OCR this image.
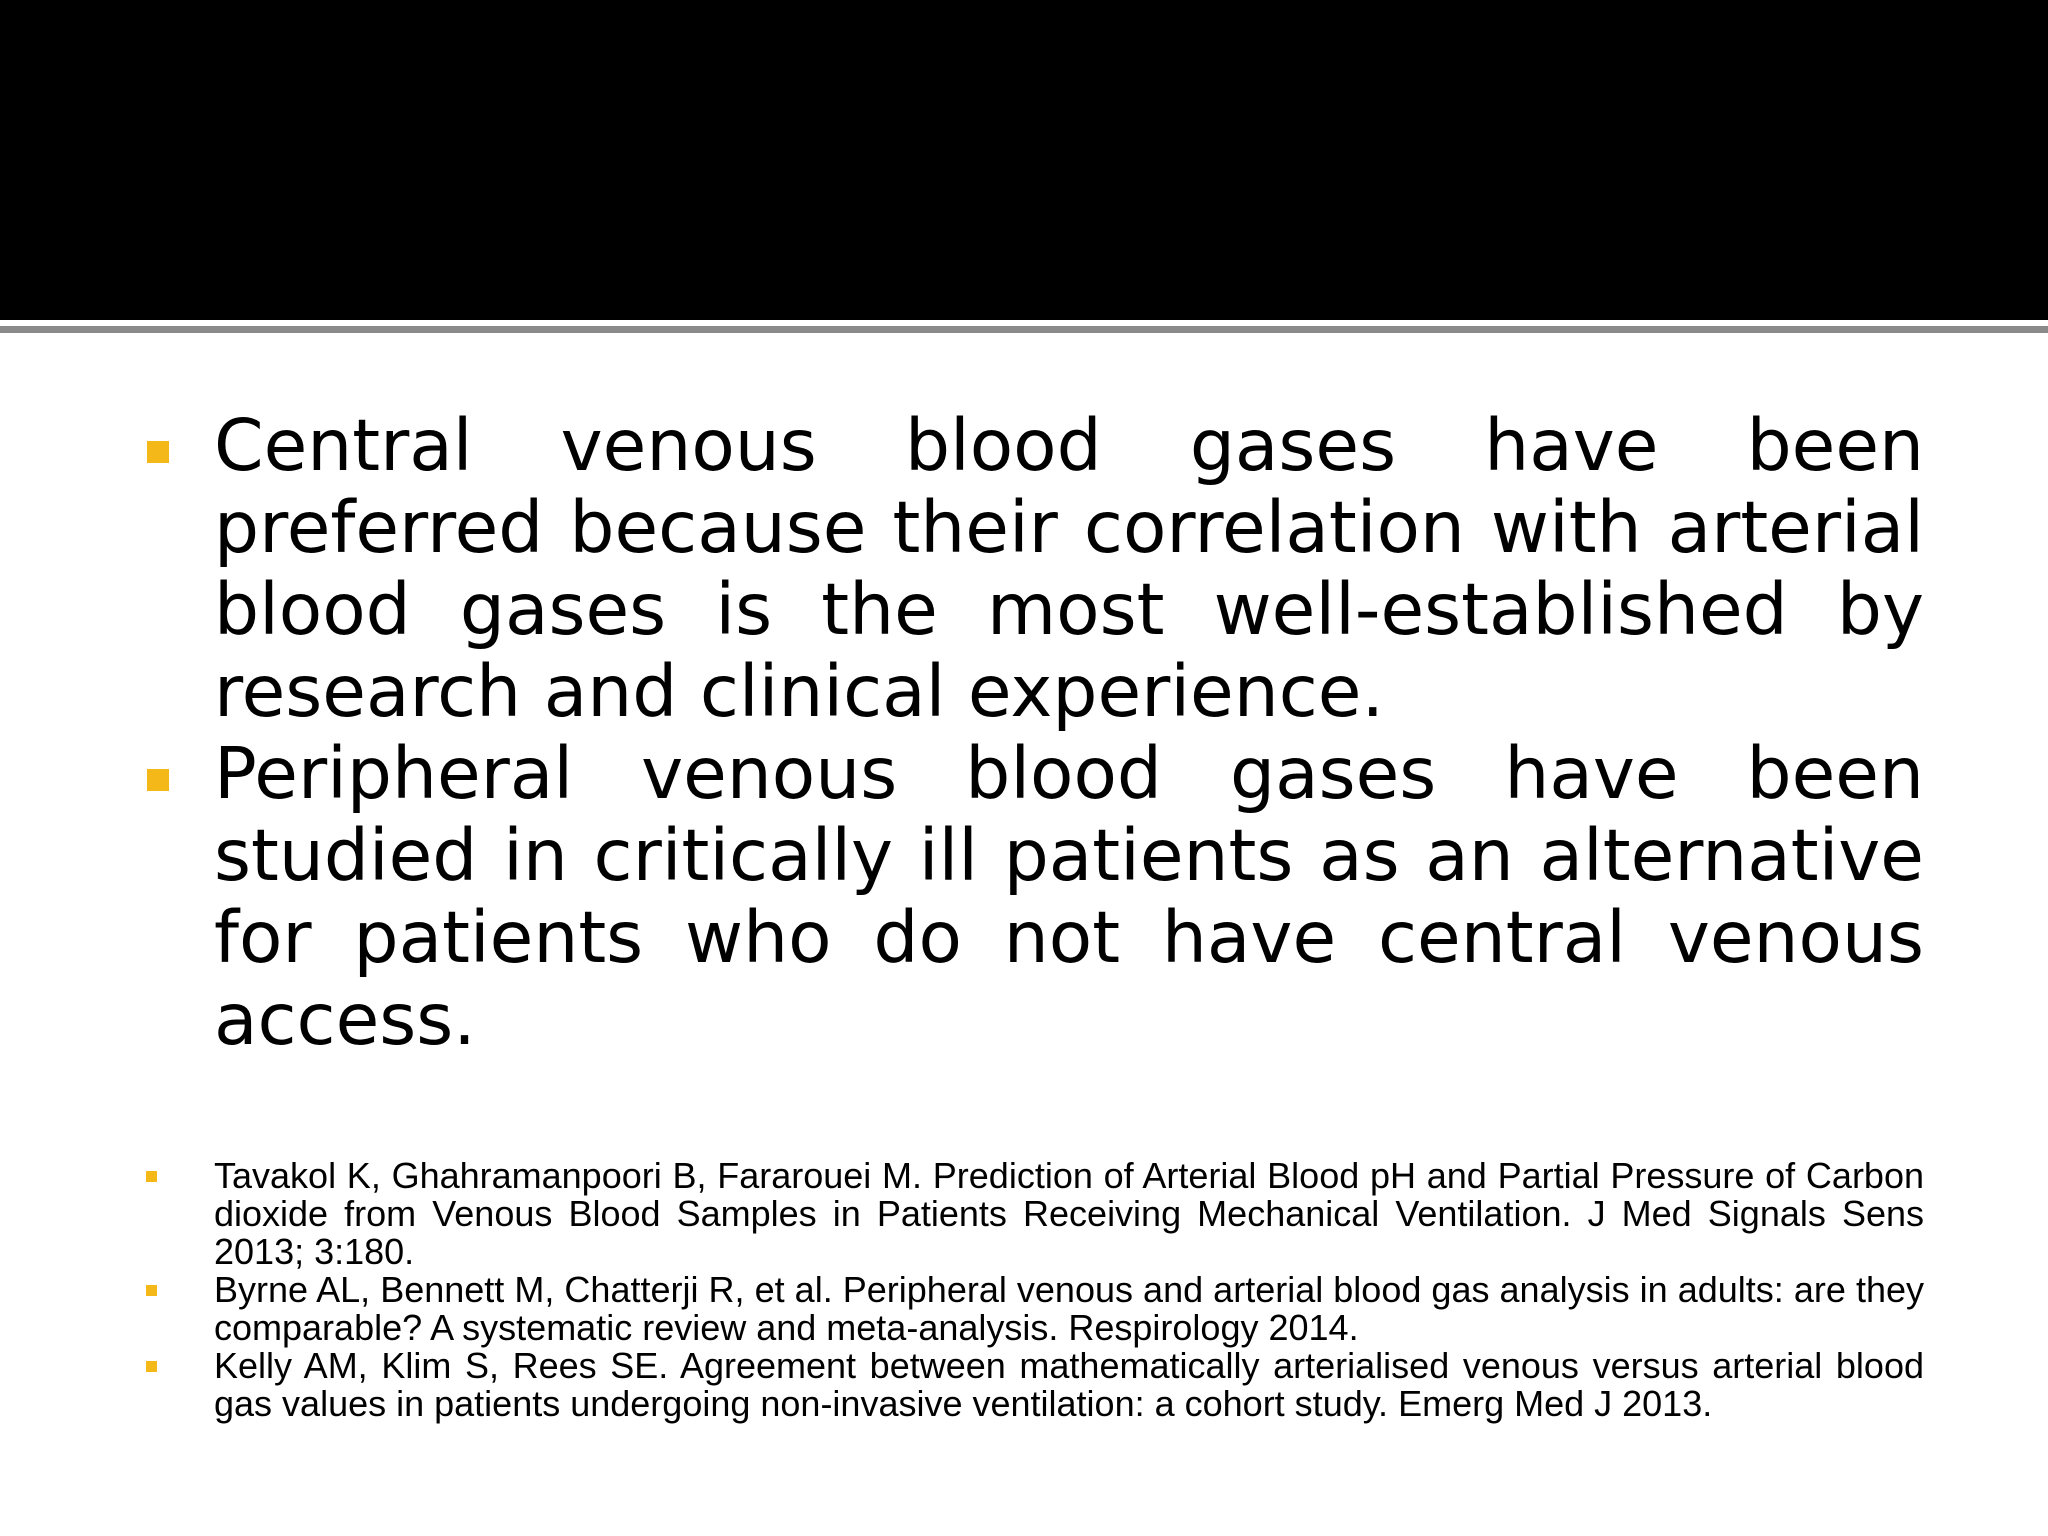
Central venous blood gases have been preferred because their correlation with arterial blood gases is the most well-established by research and clinical experience.
Peripheral venous blood gases have been studied in critically ill patients as an alternative for patients who do not have central venous access.
Tavakol K, Ghahramanpoori B, Fararouei M. Prediction of Arterial Blood pH and Partial Pressure of Carbon dioxide from Venous Blood Samples in Patients Receiving Mechanical Ventilation. J Med Signals Sens 2013; 3:180.
Byrne AL, Bennett M, Chatterji R, et al. Peripheral venous and arterial blood gas analysis in adults: are they comparable? A systematic review and meta-analysis. Respirology 2014.
Kelly AM, Klim S, Rees SE. Agreement between mathematically arterialised venous versus arterial blood gas values in patients undergoing non-invasive ventilation: a cohort study. Emerg Med J 2013.
